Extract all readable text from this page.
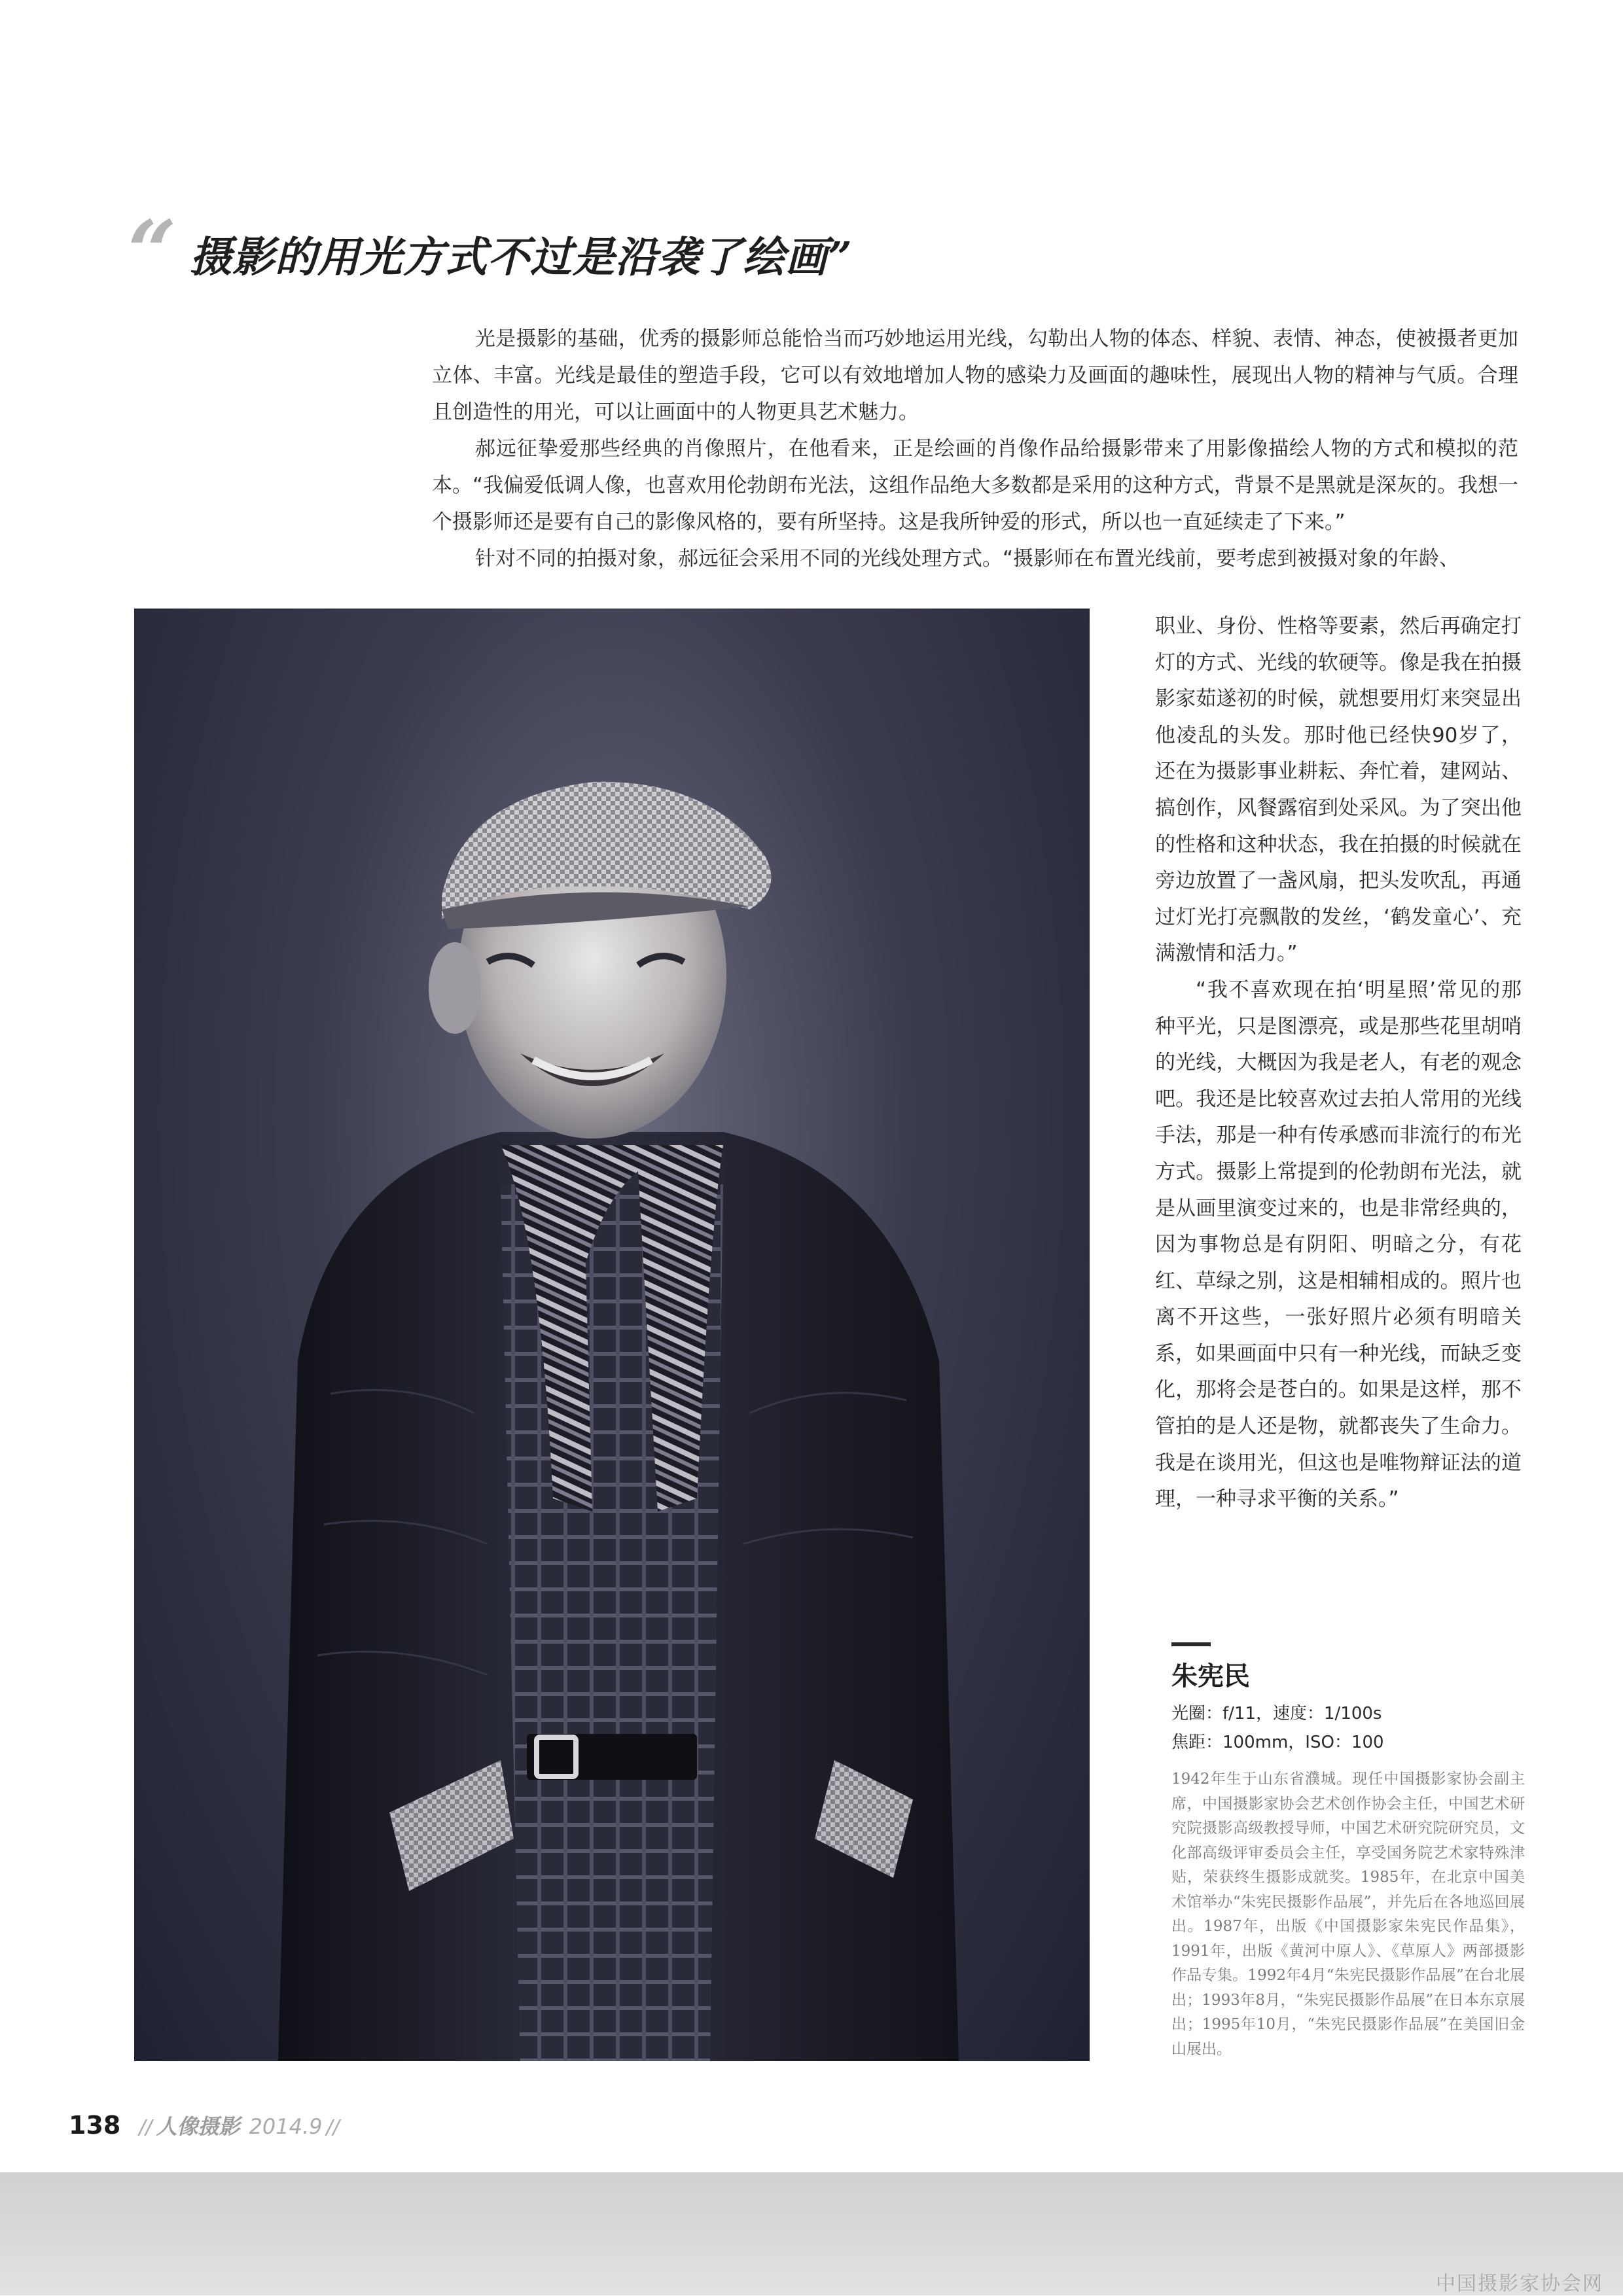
“ 摄影的用光方式不过是沿袭了绘画”

光是摄影的基础，优秀的摄影师总能恰当而巧妙地运用光线，勾勒出人物的体态、样貌、表情、神态，使被摄者更加立体、丰富。光线是最佳的塑造手段，它可以有效地增加人物的感染力及画面的趣味性，展现出人物的精神与气质。合理且创造性的用光，可以让画面中的人物更具艺术魅力。

郝远征挚爱那些经典的肖像照片，在他看来，正是绘画的肖像作品给摄影带来了用影像描绘人物的方式和模拟的范本。“我偏爱低调人像，也喜欢用伦勃朗布光法，这组作品绝大多数都是采用的这种方式，背景不是黑就是深灰的。我想一个摄影师还是要有自己的影像风格的，要有所坚持。这是我所钟爱的形式，所以也一直延续走了下来。”

针对不同的拍摄对象，郝远征会采用不同的光线处理方式。“摄影师在布置光线前，要考虑到被摄对象的年龄、

职业、身份、性格等要素，然后再确定打灯的方式、光线的软硬等。像是我在拍摄影家茹遂初的时候，就想要用灯来突显出他凌乱的头发。那时他已经快90岁了，还在为摄影事业耕耘、奔忙着，建网站、搞创作，风餐露宿到处采风。为了突出他的性格和这种状态，我在拍摄的时候就在旁边放置了一盏风扇，把头发吹乱，再通过灯光打亮飘散的发丝，‘鹤发童心’、充满激情和活力。”

“我不喜欢现在拍‘明星照’常见的那种平光，只是图漂亮，或是那些花里胡哨的光线，大概因为我是老人，有老的观念吧。我还是比较喜欢过去拍人常用的光线手法，那是一种有传承感而非流行的布光方式。摄影上常提到的伦勃朗布光法，就是从画里演变过来的，也是非常经典的，因为事物总是有阴阳、明暗之分，有花红、草绿之别，这是相辅相成的。照片也离不开这些，一张好照片必须有明暗关系，如果画面中只有一种光线，而缺乏变化，那将会是苍白的。如果是这样，那不管拍的是人还是物，就都丧失了生命力。我是在谈用光，但这也是唯物辩证法的道理，一种寻求平衡的关系。”

朱宪民
光圈：f/11，速度：1/100s
焦距：100mm，ISO：100
1942年生于山东省濮城。现任中国摄影家协会副主席，中国摄影家协会艺术创作协会主任，中国艺术研究院摄影高级教授导师，中国艺术研究院研究员，文化部高级评审委员会主任，享受国务院艺术家特殊津贴，荣获终生摄影成就奖。1985年，在北京中国美术馆举办“朱宪民摄影作品展”，并先后在各地巡回展出。1987年，出版《中国摄影家朱宪民作品集》，1991年，出版《黄河中原人》、《草原人》两部摄影作品专集。1992年4月“朱宪民摄影作品展”在台北展出；1993年8月，“朱宪民摄影作品展”在日本东京展出；1995年10月，“朱宪民摄影作品展”在美国旧金山展出。
138 // 人像摄影 2014.9 //
中国摄影家协会网
